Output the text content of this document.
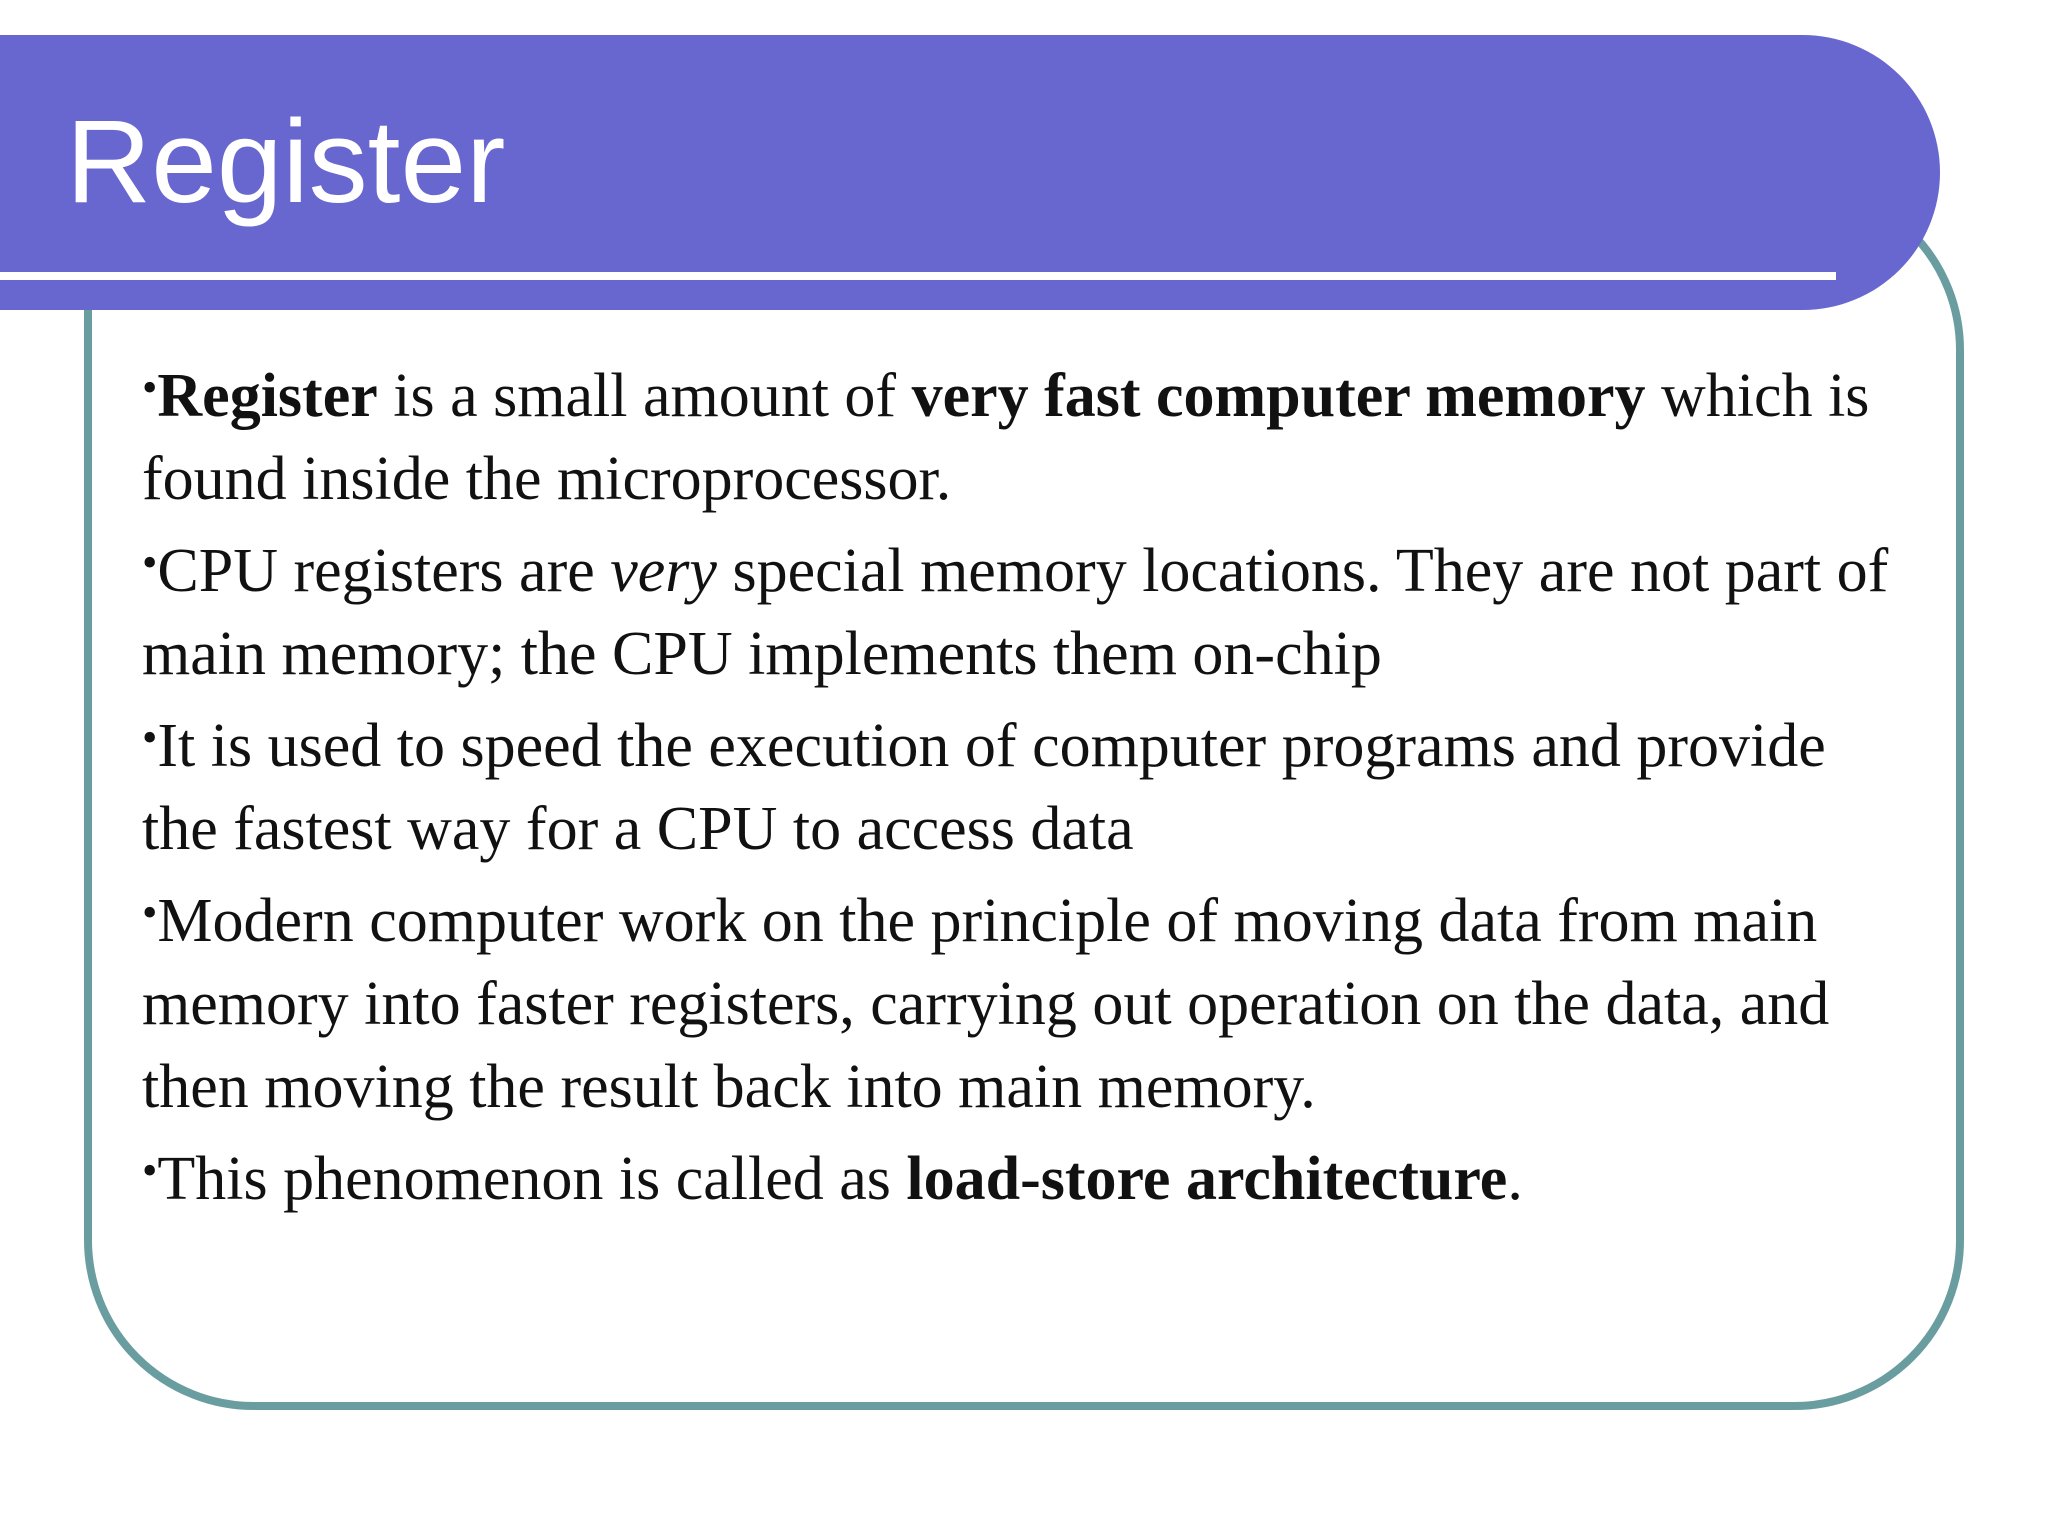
Register
•Register is a small amount of very fast computer memory which is found inside the microprocessor.
•CPU registers are very special memory locations. They are not part of main memory; the CPU implements them on-chip
•It is used to speed the execution of computer programs and provide the fastest way for a CPU to access data
•Modern computer work on the principle of moving data from main memory into faster registers, carrying out operation on the data, and then moving the result back into main memory.
•This phenomenon is called as load-store architecture.
